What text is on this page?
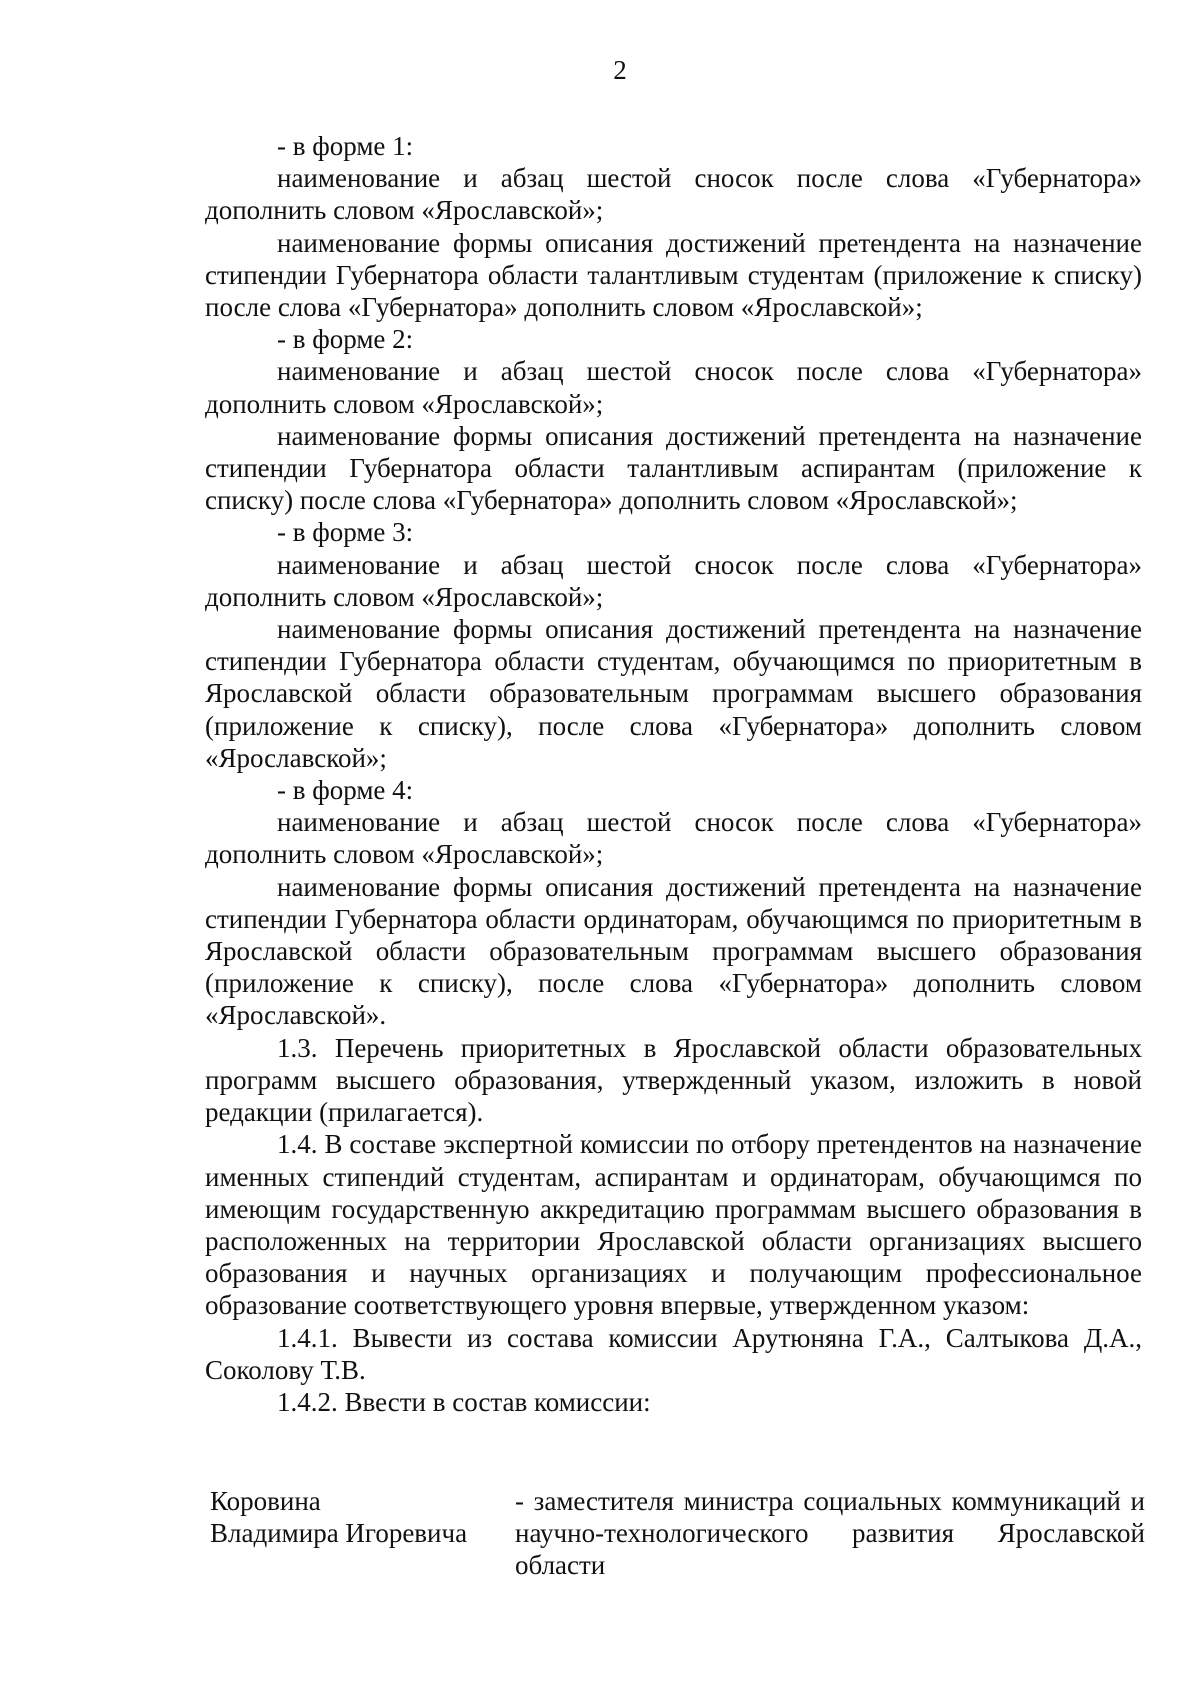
2

- в форме 1:

наименование и абзац шестой сносок после слова «Губернатора» дополнить словом «Ярославской»;

наименование формы описания достижений претендента на назначение стипендии Губернатора области талантливым студентам (приложение к списку) после слова «Губернатора» дополнить словом «Ярославской»;

- в форме 2:

наименование и абзац шестой сносок после слова «Губернатора» дополнить словом «Ярославской»;

наименование формы описания достижений претендента на назначение стипендии Губернатора области талантливым аспирантам (приложение к списку) после слова «Губернатора» дополнить словом «Ярославской»;

- в форме 3:

наименование и абзац шестой сносок после слова «Губернатора» дополнить словом «Ярославской»;

наименование формы описания достижений претендента на назначение стипендии Губернатора области студентам, обучающимся по приоритетным в Ярославской области образовательным программам высшего образования (приложение к списку), после слова «Губернатора» дополнить словом «Ярославской»;

- в форме 4:

наименование и абзац шестой сносок после слова «Губернатора» дополнить словом «Ярославской»;

наименование формы описания достижений претендента на назначение стипендии Губернатора области ординаторам, обучающимся по приоритетным в Ярославской области образовательным программам высшего образования (приложение к списку), после слова «Губернатора» дополнить словом «Ярославской».

1.3. Перечень приоритетных в Ярославской области образовательных программ высшего образования, утвержденный указом, изложить в новой редакции (прилагается).

1.4. В составе экспертной комиссии по отбору претендентов на назначение именных стипендий студентам, аспирантам и ординаторам, обучающимся по имеющим государственную аккредитацию программам высшего образования в расположенных на территории Ярославской области организациях высшего образования и научных организациях и получающим профессиональное образование соответствующего уровня впервые, утвержденном указом:

1.4.1. Вывести из состава комиссии Арутюняна Г.А., Салтыкова Д.А., Соколову Т.В.

1.4.2. Ввести в состав комиссии:

Коровина
Владимира Игоревича
- заместителя министра социальных коммуникаций и научно-технологического развития Ярославской области
